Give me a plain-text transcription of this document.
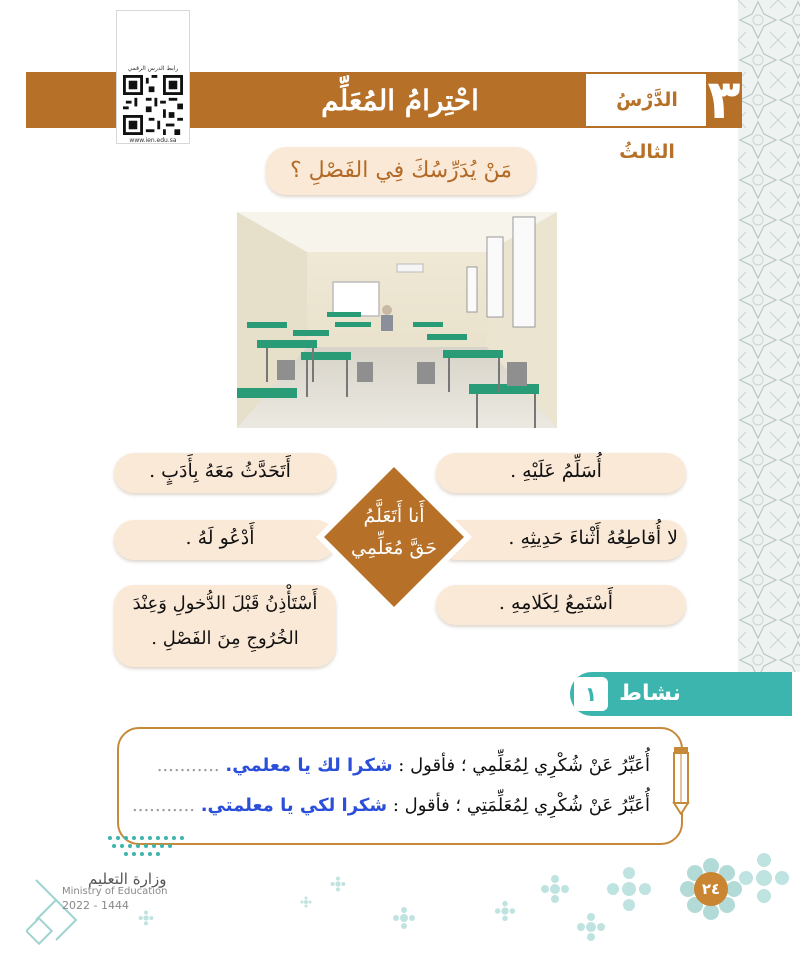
احْتِرامُ المُعَلِّم	الدَّرْسُ الثالثُ
٣
رابط الدرس الرقمي
www.ien.edu.sa
مَنْ يُدَرِّسُكَ فِي الفَصْلِ ؟
أُسَلِّمُ عَلَيْهِ .
لا أُقاطِعُهُ أَثْناءَ حَدِيثِهِ .
أَسْتَمِعُ لِكَلامِهِ .
أَتَحَدَّثُ مَعَهُ بِأَدَبٍ .
أَدْعُو لَهُ .
أَسْتَأْذِنُ قَبْلَ الدُّخولِ وَعِنْدَ
الخُرُوجِ مِنَ الفَصْلِ .
أَنا أَتَعَلَّمُ
حَقَّ مُعَلِّمِي
نشاط
١
أُعَبِّرُ عَنْ شُكْرِي لِمُعَلِّمِي ؛ فأقول : شكرا لك يا معلمي. ...........
أُعَبِّرُ عَنْ شُكْرِي لِمُعَلِّمَتِي ؛ فأقول : شكرا لكي يا معلمتي. ...........
وزارة التعليم
Ministry of Education
2022 - 1444
٢٤
